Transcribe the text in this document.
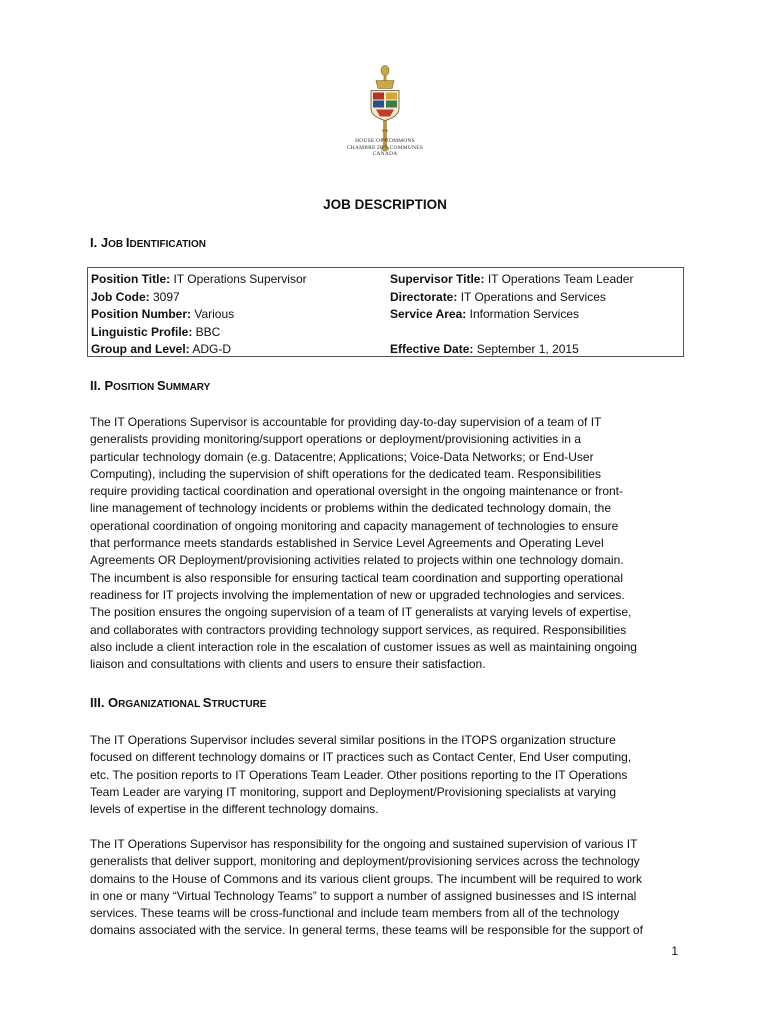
HOUSE OF COMMONS
CHAMBRE DES COMMUNES
CANADA
JOB DESCRIPTION
I. JOB IDENTIFICATION
Position Title: IT Operations Supervisor
Job Code: 3097
Position Number: Various
Linguistic Profile: BBC
Group and Level: ADG-D
Supervisor Title: IT Operations Team Leader
Directorate: IT Operations and Services
Service Area: Information Services
Effective Date: September 1, 2015
II. POSITION SUMMARY
The IT Operations Supervisor is accountable for providing day-to-day supervision of a team of IT
generalists providing monitoring/support operations or deployment/provisioning activities in a
particular technology domain (e.g. Datacentre; Applications; Voice-Data Networks; or End-User
Computing), including the supervision of shift operations for the dedicated team. Responsibilities
require providing tactical coordination and operational oversight in the ongoing maintenance or front-
line management of technology incidents or problems within the dedicated technology domain, the
operational coordination of ongoing monitoring and capacity management of technologies to ensure
that performance meets standards established in Service Level Agreements and Operating Level
Agreements OR Deployment/provisioning activities related to projects within one technology domain.
The incumbent is also responsible for ensuring tactical team coordination and supporting operational
readiness for IT projects involving the implementation of new or upgraded technologies and services.
The position ensures the ongoing supervision of a team of IT generalists at varying levels of expertise,
and collaborates with contractors providing technology support services, as required. Responsibilities
also include a client interaction role in the escalation of customer issues as well as maintaining ongoing
liaison and consultations with clients and users to ensure their satisfaction.
III. ORGANIZATIONAL STRUCTURE
The IT Operations Supervisor includes several similar positions in the ITOPS organization structure
focused on different technology domains or IT practices such as Contact Center, End User computing,
etc. The position reports to IT Operations Team Leader. Other positions reporting to the IT Operations
Team Leader are varying IT monitoring, support and Deployment/Provisioning specialists at varying
levels of expertise in the different technology domains.
The IT Operations Supervisor has responsibility for the ongoing and sustained supervision of various IT
generalists that deliver support, monitoring and deployment/provisioning services across the technology
domains to the House of Commons and its various client groups. The incumbent will be required to work
in one or many “Virtual Technology Teams” to support a number of assigned businesses and IS internal
services. These teams will be cross-functional and include team members from all of the technology
domains associated with the service. In general terms, these teams will be responsible for the support of
1
